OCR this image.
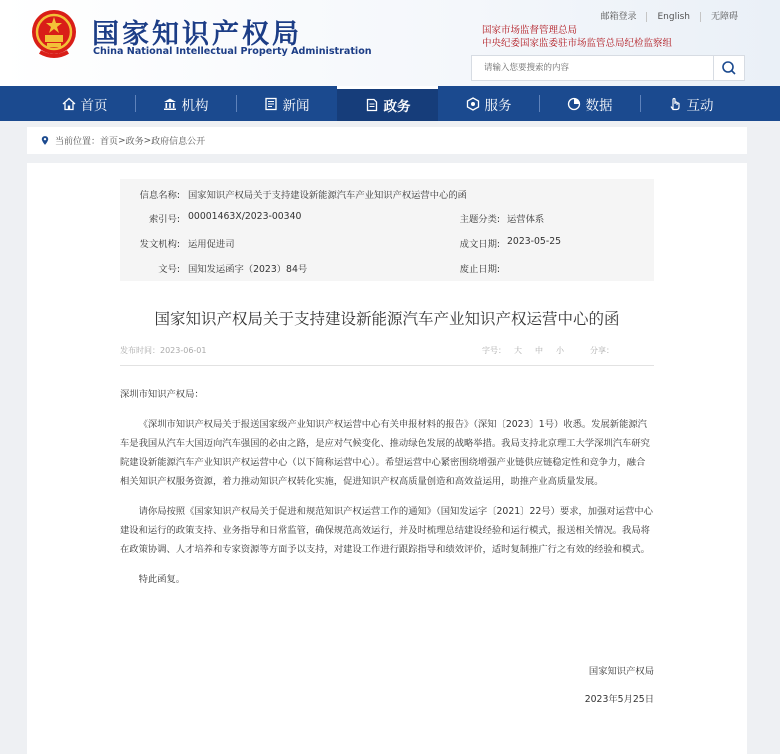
国家知识产权局
China National Intellectual Property Administration
邮箱登录 English 无障碍
国家市场监督管理总局
中央纪委国家监委驻市场监管总局纪检监察组
请输入您要搜索的内容
首页	机构	新闻	政务	服务	数据	互动
当前位置： 首页 > 政务 > 政府信息公开
信息名称: 国家知识产权局关于支持建设新能源汽车产业知识产权运营中心的函
索引号: 00001463X/2023-00340	主题分类: 运营体系
发文机构: 运用促进司	成文日期: 2023-05-25
文号: 国知发运函字（2023）84号	废止日期:
国家知识产权局关于支持建设新能源汽车产业知识产权运营中心的函
发布时间：2023-06-01	字号： 大 中 小	分享：

深圳市知识产权局：

《深圳市知识产权局关于报送国家级产业知识产权运营中心有关申报材料的报告》（深知〔2023〕1号）收悉。发展新能源汽车是我国从汽车大国迈向汽车强国的必由之路，是应对气候变化、推动绿色发展的战略举措。我局支持北京理工大学深圳汽车研究院建设新能源汽车产业知识产权运营中心（以下简称运营中心）。希望运营中心紧密围绕增强产业链供应链稳定性和竞争力，融合相关知识产权服务资源，着力推动知识产权转化实施，促进知识产权高质量创造和高效益运用，助推产业高质量发展。

请你局按照《国家知识产权局关于促进和规范知识产权运营工作的通知》（国知发运字〔2021〕22号）要求，加强对运营中心建设和运行的政策支持、业务指导和日常监管，确保规范高效运行，并及时梳理总结建设经验和运行模式，报送相关情况。我局将在政策协调、人才培养和专家资源等方面予以支持，对建设工作进行跟踪指导和绩效评价，适时复制推广行之有效的经验和模式。

特此函复。

国家知识产权局
2023年5月25日
